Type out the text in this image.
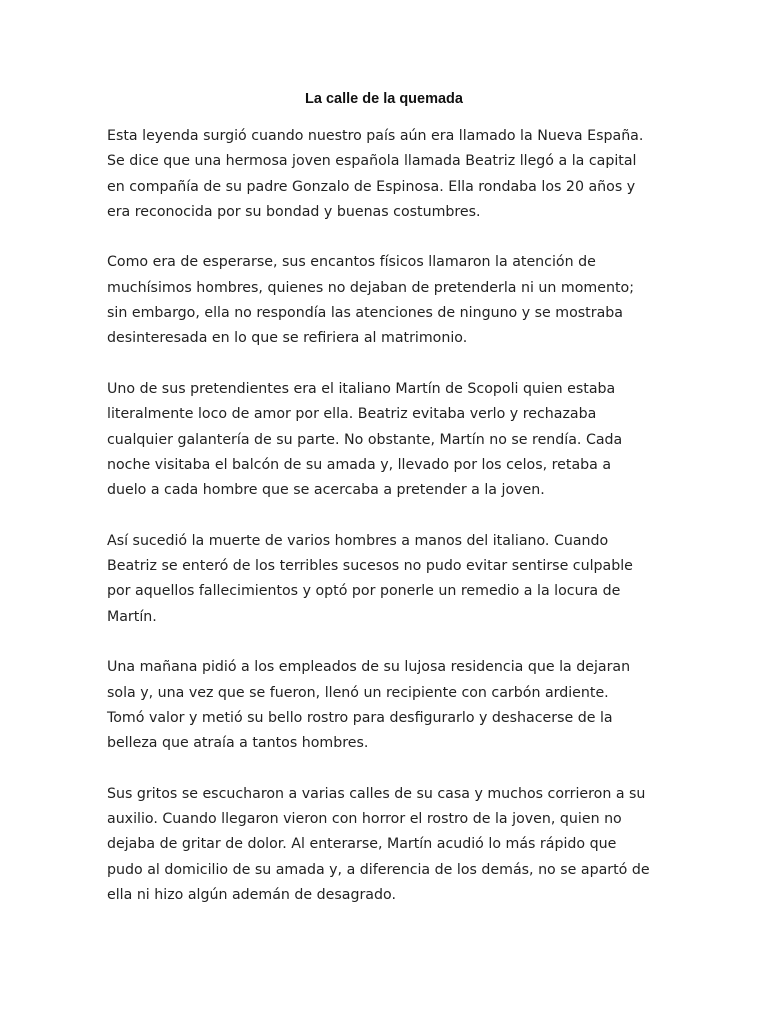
La calle de la quemada

Esta leyenda surgió cuando nuestro país aún era llamado la Nueva España.
Se dice que una hermosa joven española llamada Beatriz llegó a la capital
en compañía de su padre Gonzalo de Espinosa. Ella rondaba los 20 años y
era reconocida por su bondad y buenas costumbres.

Como era de esperarse, sus encantos físicos llamaron la atención de
muchísimos hombres, quienes no dejaban de pretenderla ni un momento;
sin embargo, ella no respondía las atenciones de ninguno y se mostraba
desinteresada en lo que se refiriera al matrimonio.

Uno de sus pretendientes era el italiano Martín de Scopoli quien estaba
literalmente loco de amor por ella. Beatriz evitaba verlo y rechazaba
cualquier galantería de su parte. No obstante, Martín no se rendía. Cada
noche visitaba el balcón de su amada y, llevado por los celos, retaba a
duelo a cada hombre que se acercaba a pretender a la joven.

Así sucedió la muerte de varios hombres a manos del italiano. Cuando
Beatriz se enteró de los terribles sucesos no pudo evitar sentirse culpable
por aquellos fallecimientos y optó por ponerle un remedio a la locura de
Martín.

Una mañana pidió a los empleados de su lujosa residencia que la dejaran
sola y, una vez que se fueron, llenó un recipiente con carbón ardiente.
Tomó valor y metió su bello rostro para desfigurarlo y deshacerse de la
belleza que atraía a tantos hombres.

Sus gritos se escucharon a varias calles de su casa y muchos corrieron a su
auxilio. Cuando llegaron vieron con horror el rostro de la joven, quien no
dejaba de gritar de dolor. Al enterarse, Martín acudió lo más rápido que
pudo al domicilio de su amada y, a diferencia de los demás, no se apartó de
ella ni hizo algún ademán de desagrado.
